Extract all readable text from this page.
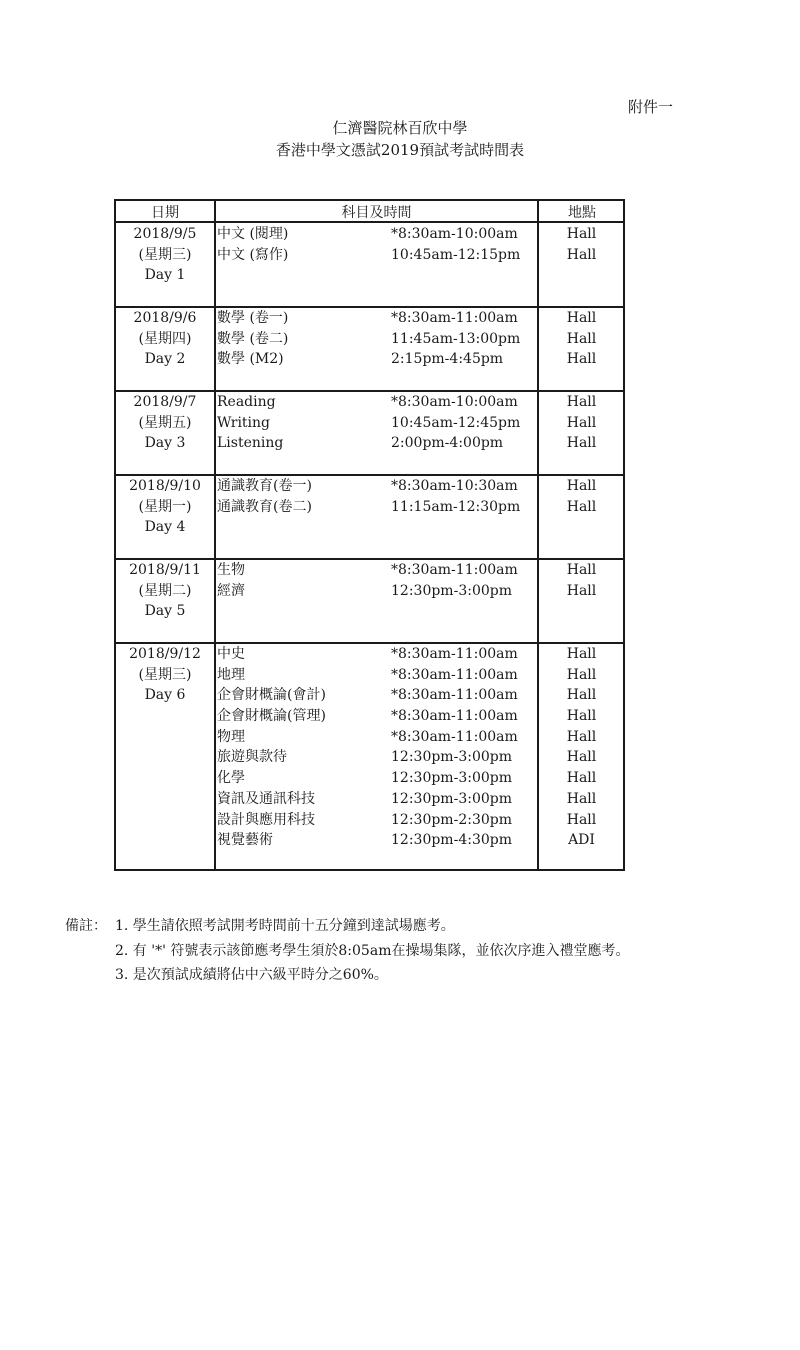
附件一
仁濟醫院林百欣中學
香港中學文憑試2019預試考試時間表
日期	科目及時間	地點
2018/9/5
(星期三)
Day 1
中文 (閱理)
中文 (寫作)
*8:30am-10:00am
10:45am-12:15pm
Hall
Hall
2018/9/6
(星期四)
Day 2
數學 (卷一)
數學 (卷二)
數學 (M2)
*8:30am-11:00am
11:45am-13:00pm
2:15pm-4:45pm
Hall
Hall
Hall
2018/9/7
(星期五)
Day 3
Reading
Writing
Listening
*8:30am-10:00am
10:45am-12:45pm
2:00pm-4:00pm
Hall
Hall
Hall
2018/9/10
(星期一)
Day 4
通識教育(卷一)
通識教育(卷二)
*8:30am-10:30am
11:15am-12:30pm
Hall
Hall
2018/9/11
(星期二)
Day 5
生物
經濟
*8:30am-11:00am
12:30pm-3:00pm
Hall
Hall
2018/9/12
(星期三)
Day 6
中史
地理
企會財概論(會計)
企會財概論(管理)
物理
旅遊與款待
化學
資訊及通訊科技
設計與應用科技
視覺藝術
*8:30am-11:00am
*8:30am-11:00am
*8:30am-11:00am
*8:30am-11:00am
*8:30am-11:00am
12:30pm-3:00pm
12:30pm-3:00pm
12:30pm-3:00pm
12:30pm-2:30pm
12:30pm-4:30pm
Hall
Hall
Hall
Hall
Hall
Hall
Hall
Hall
Hall
ADI
備註： 1. 學生請依照考試開考時間前十五分鐘到達試場應考。
2. 有 '*' 符號表示該節應考學生須於8:05am在操場集隊，並依次序進入禮堂應考。
3. 是次預試成績將佔中六級平時分之60%。
